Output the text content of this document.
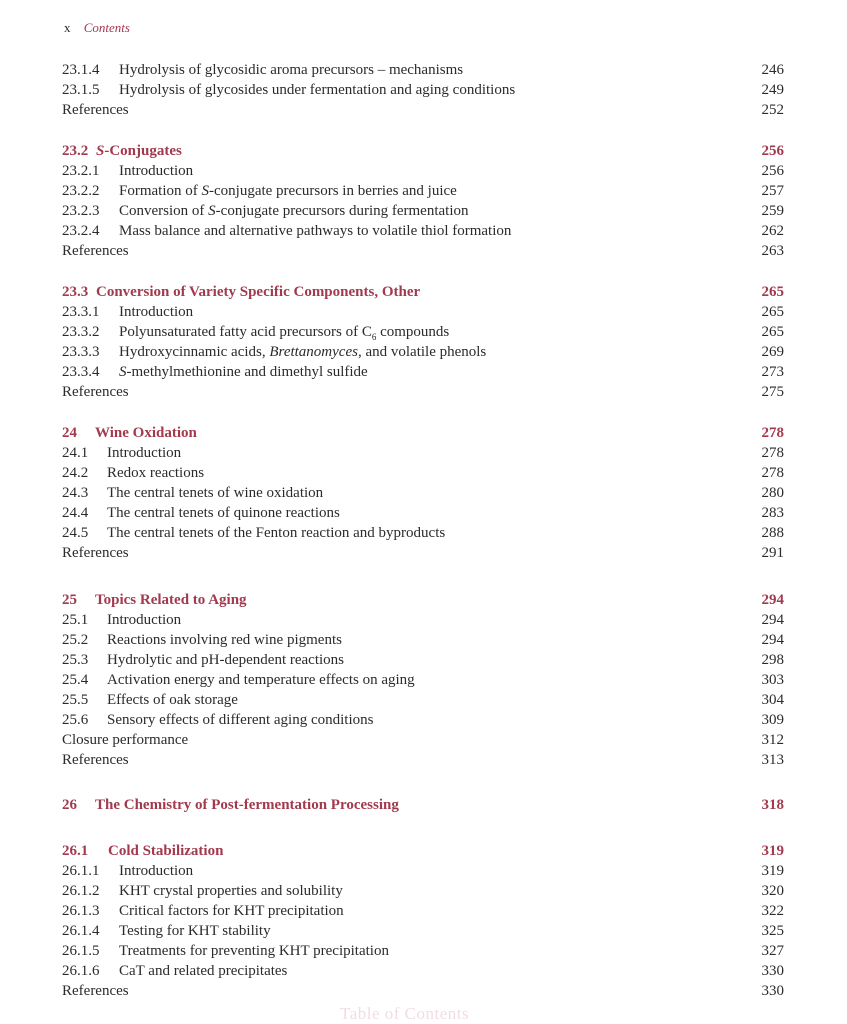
x Contents
23.1.4 Hydrolysis of glycosidic aroma precursors – mechanisms	246
23.1.5 Hydrolysis of glycosides under fermentation and aging conditions	249
References	252
23.2 S-Conjugates	256
23.2.1 Introduction	256
23.2.2 Formation of S-conjugate precursors in berries and juice	257
23.2.3 Conversion of S-conjugate precursors during fermentation	259
23.2.4 Mass balance and alternative pathways to volatile thiol formation	262
References	263
23.3 Conversion of Variety Specific Components, Other	265
23.3.1 Introduction	265
23.3.2 Polyunsaturated fatty acid precursors of $C_6$ compounds	265
23.3.3 Hydroxycinnamic acids, Brettanomyces, and volatile phenols	269
23.3.4 S-methylmethionine and dimethyl sulfide	273
References	275
24 Wine Oxidation	278
24.1 Introduction	278
24.2 Redox reactions	278
24.3 The central tenets of wine oxidation	280
24.4 The central tenets of quinone reactions	283
24.5 The central tenets of the Fenton reaction and byproducts	288
References	291
25 Topics Related to Aging	294
25.1 Introduction	294
25.2 Reactions involving red wine pigments	294
25.3 Hydrolytic and pH-dependent reactions	298
25.4 Activation energy and temperature effects on aging	303
25.5 Effects of oak storage	304
25.6 Sensory effects of different aging conditions	309
Closure performance	312
References	313
26 The Chemistry of Post-fermentation Processing	318
26.1 Cold Stabilization	319
26.1.1 Introduction	319
26.1.2 KHT crystal properties and solubility	320
26.1.3 Critical factors for KHT precipitation	322
26.1.4 Testing for KHT stability	325
26.1.5 Treatments for preventing KHT precipitation	327
26.1.6 CaT and related precipitates	330
References	330
Table of Contents
